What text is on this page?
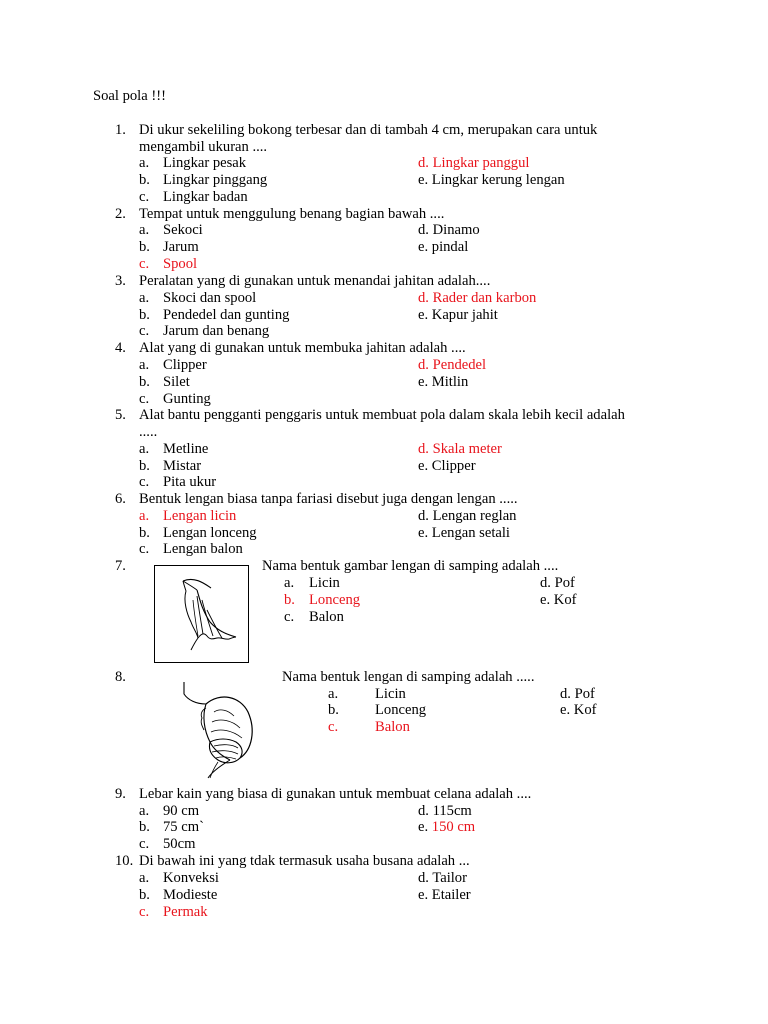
Soal pola !!!
1. Di ukur sekeliling bokong terbesar dan di tambah 4 cm, merupakan cara untuk
mengambil ukuran ....
a. Lingkar pesak
b. Lingkar pinggang
c. Lingkar badan
d. Lingkar panggul
e. Lingkar kerung lengan
2. Tempat untuk menggulung benang bagian bawah ....
a. Sekoci
b. Jarum
c. Spool
d. Dinamo
e. pindal
3. Peralatan yang di gunakan untuk menandai jahitan adalah....
a. Skoci dan spool
b. Pendedel dan gunting
c. Jarum dan benang
d. Rader dan karbon
e. Kapur jahit
4. Alat yang di gunakan untuk membuka jahitan adalah ....
a. Clipper
b. Silet
c. Gunting
d. Pendedel
e. Mitlin
5. Alat bantu pengganti penggaris untuk membuat pola dalam skala lebih kecil adalah
.....
a. Metline
b. Mistar
c. Pita ukur
d. Skala meter
e. Clipper
6. Bentuk lengan biasa tanpa fariasi disebut juga dengan lengan .....
a. Lengan licin
b. Lengan lonceng
c. Lengan balon
d. Lengan reglan
e. Lengan setali
7.	Nama bentuk gambar lengan di samping adalah ....
a. Licin
b. Lonceng
c. Balon
d. Pof
e. Kof
8.	Nama bentuk lengan di samping adalah .....
a.	Licin
b. Lonceng
c.	Balon
d. Pof
e. Kof
9. Lebar kain yang biasa di gunakan untuk membuat celana adalah ....
a. 90 cm
b. 75 cm`
c. 50cm
d. 115cm
e. 150 cm
10. Di bawah ini yang tdak termasuk usaha busana adalah ...
a. Konveksi
b. Modieste
c. Permak
d. Tailor
e. Etailer
